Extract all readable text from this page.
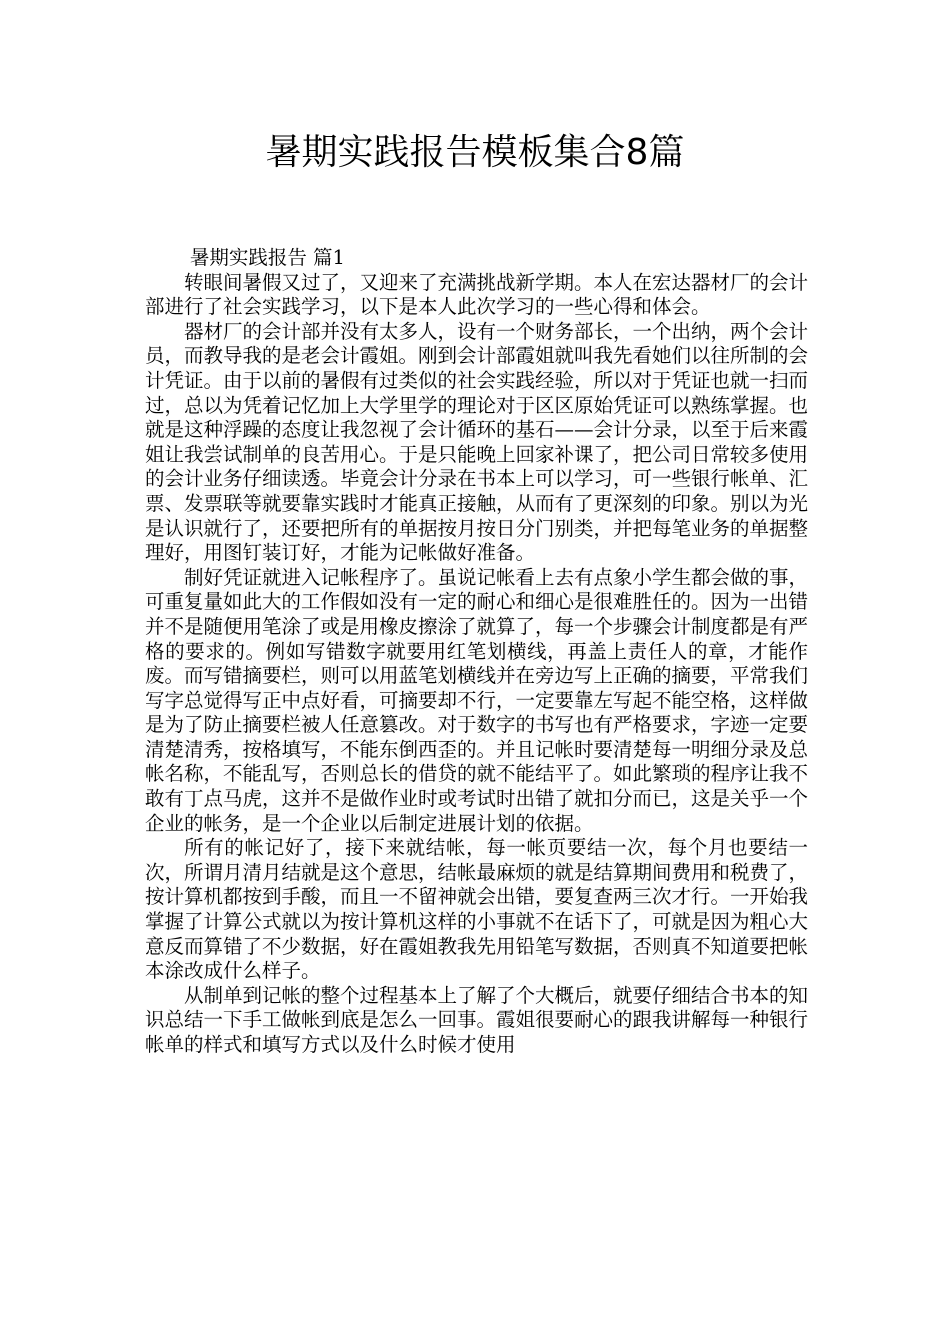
暑期实践报告模板集合8篇
暑期实践报告 篇1

转眼间暑假又过了，又迎来了充满挑战新学期。本人在宏达器材厂的会计部进行了社会实践学习，以下是本人此次学习的一些心得和体会。

器材厂的会计部并没有太多人，设有一个财务部长，一个出纳，两个会计员，而教导我的是老会计霞姐。刚到会计部霞姐就叫我先看她们以往所制的会计凭证。由于以前的暑假有过类似的社会实践经验，所以对于凭证也就一扫而过，总以为凭着记忆加上大学里学的理论对于区区原始凭证可以熟练掌握。也就是这种浮躁的态度让我忽视了会计循环的基石——会计分录，以至于后来霞姐让我尝试制单的良苦用心。于是只能晚上回家补课了，把公司日常较多使用的会计业务仔细读透。毕竟会计分录在书本上可以学习，可一些银行帐单、汇票、发票联等就要靠实践时才能真正接触，从而有了更深刻的印象。别以为光是认识就行了，还要把所有的单据按月按日分门别类，并把每笔业务的单据整理好，用图钉装订好，才能为记帐做好准备。

制好凭证就进入记帐程序了。虽说记帐看上去有点象小学生都会做的事，可重复量如此大的工作假如没有一定的耐心和细心是很难胜任的。因为一出错并不是随便用笔涂了或是用橡皮擦涂了就算了，每一个步骤会计制度都是有严格的要求的。例如写错数字就要用红笔划横线，再盖上责任人的章，才能作废。而写错摘要栏，则可以用蓝笔划横线并在旁边写上正确的摘要，平常我们写字总觉得写正中点好看，可摘要却不行，一定要靠左写起不能空格，这样做是为了防止摘要栏被人任意篡改。对于数字的书写也有严格要求，字迹一定要清楚清秀，按格填写，不能东倒西歪的。并且记帐时要清楚每一明细分录及总帐名称，不能乱写，否则总长的借贷的就不能结平了。如此繁琐的程序让我不敢有丁点马虎，这并不是做作业时或考试时出错了就扣分而已，这是关乎一个企业的帐务，是一个企业以后制定进展计划的依据。

所有的帐记好了，接下来就结帐，每一帐页要结一次，每个月也要结一次，所谓月清月结就是这个意思，结帐最麻烦的就是结算期间费用和税费了，按计算机都按到手酸，而且一不留神就会出错，要复查两三次才行。一开始我掌握了计算公式就以为按计算机这样的小事就不在话下了，可就是因为粗心大意反而算错了不少数据，好在霞姐教我先用铅笔写数据，否则真不知道要把帐本涂改成什么样子。

从制单到记帐的整个过程基本上了解了个大概后，就要仔细结合书本的知识总结一下手工做帐到底是怎么一回事。霞姐很要耐心的跟我讲解每一种银行帐单的样式和填写方式以及什么时候才使用
